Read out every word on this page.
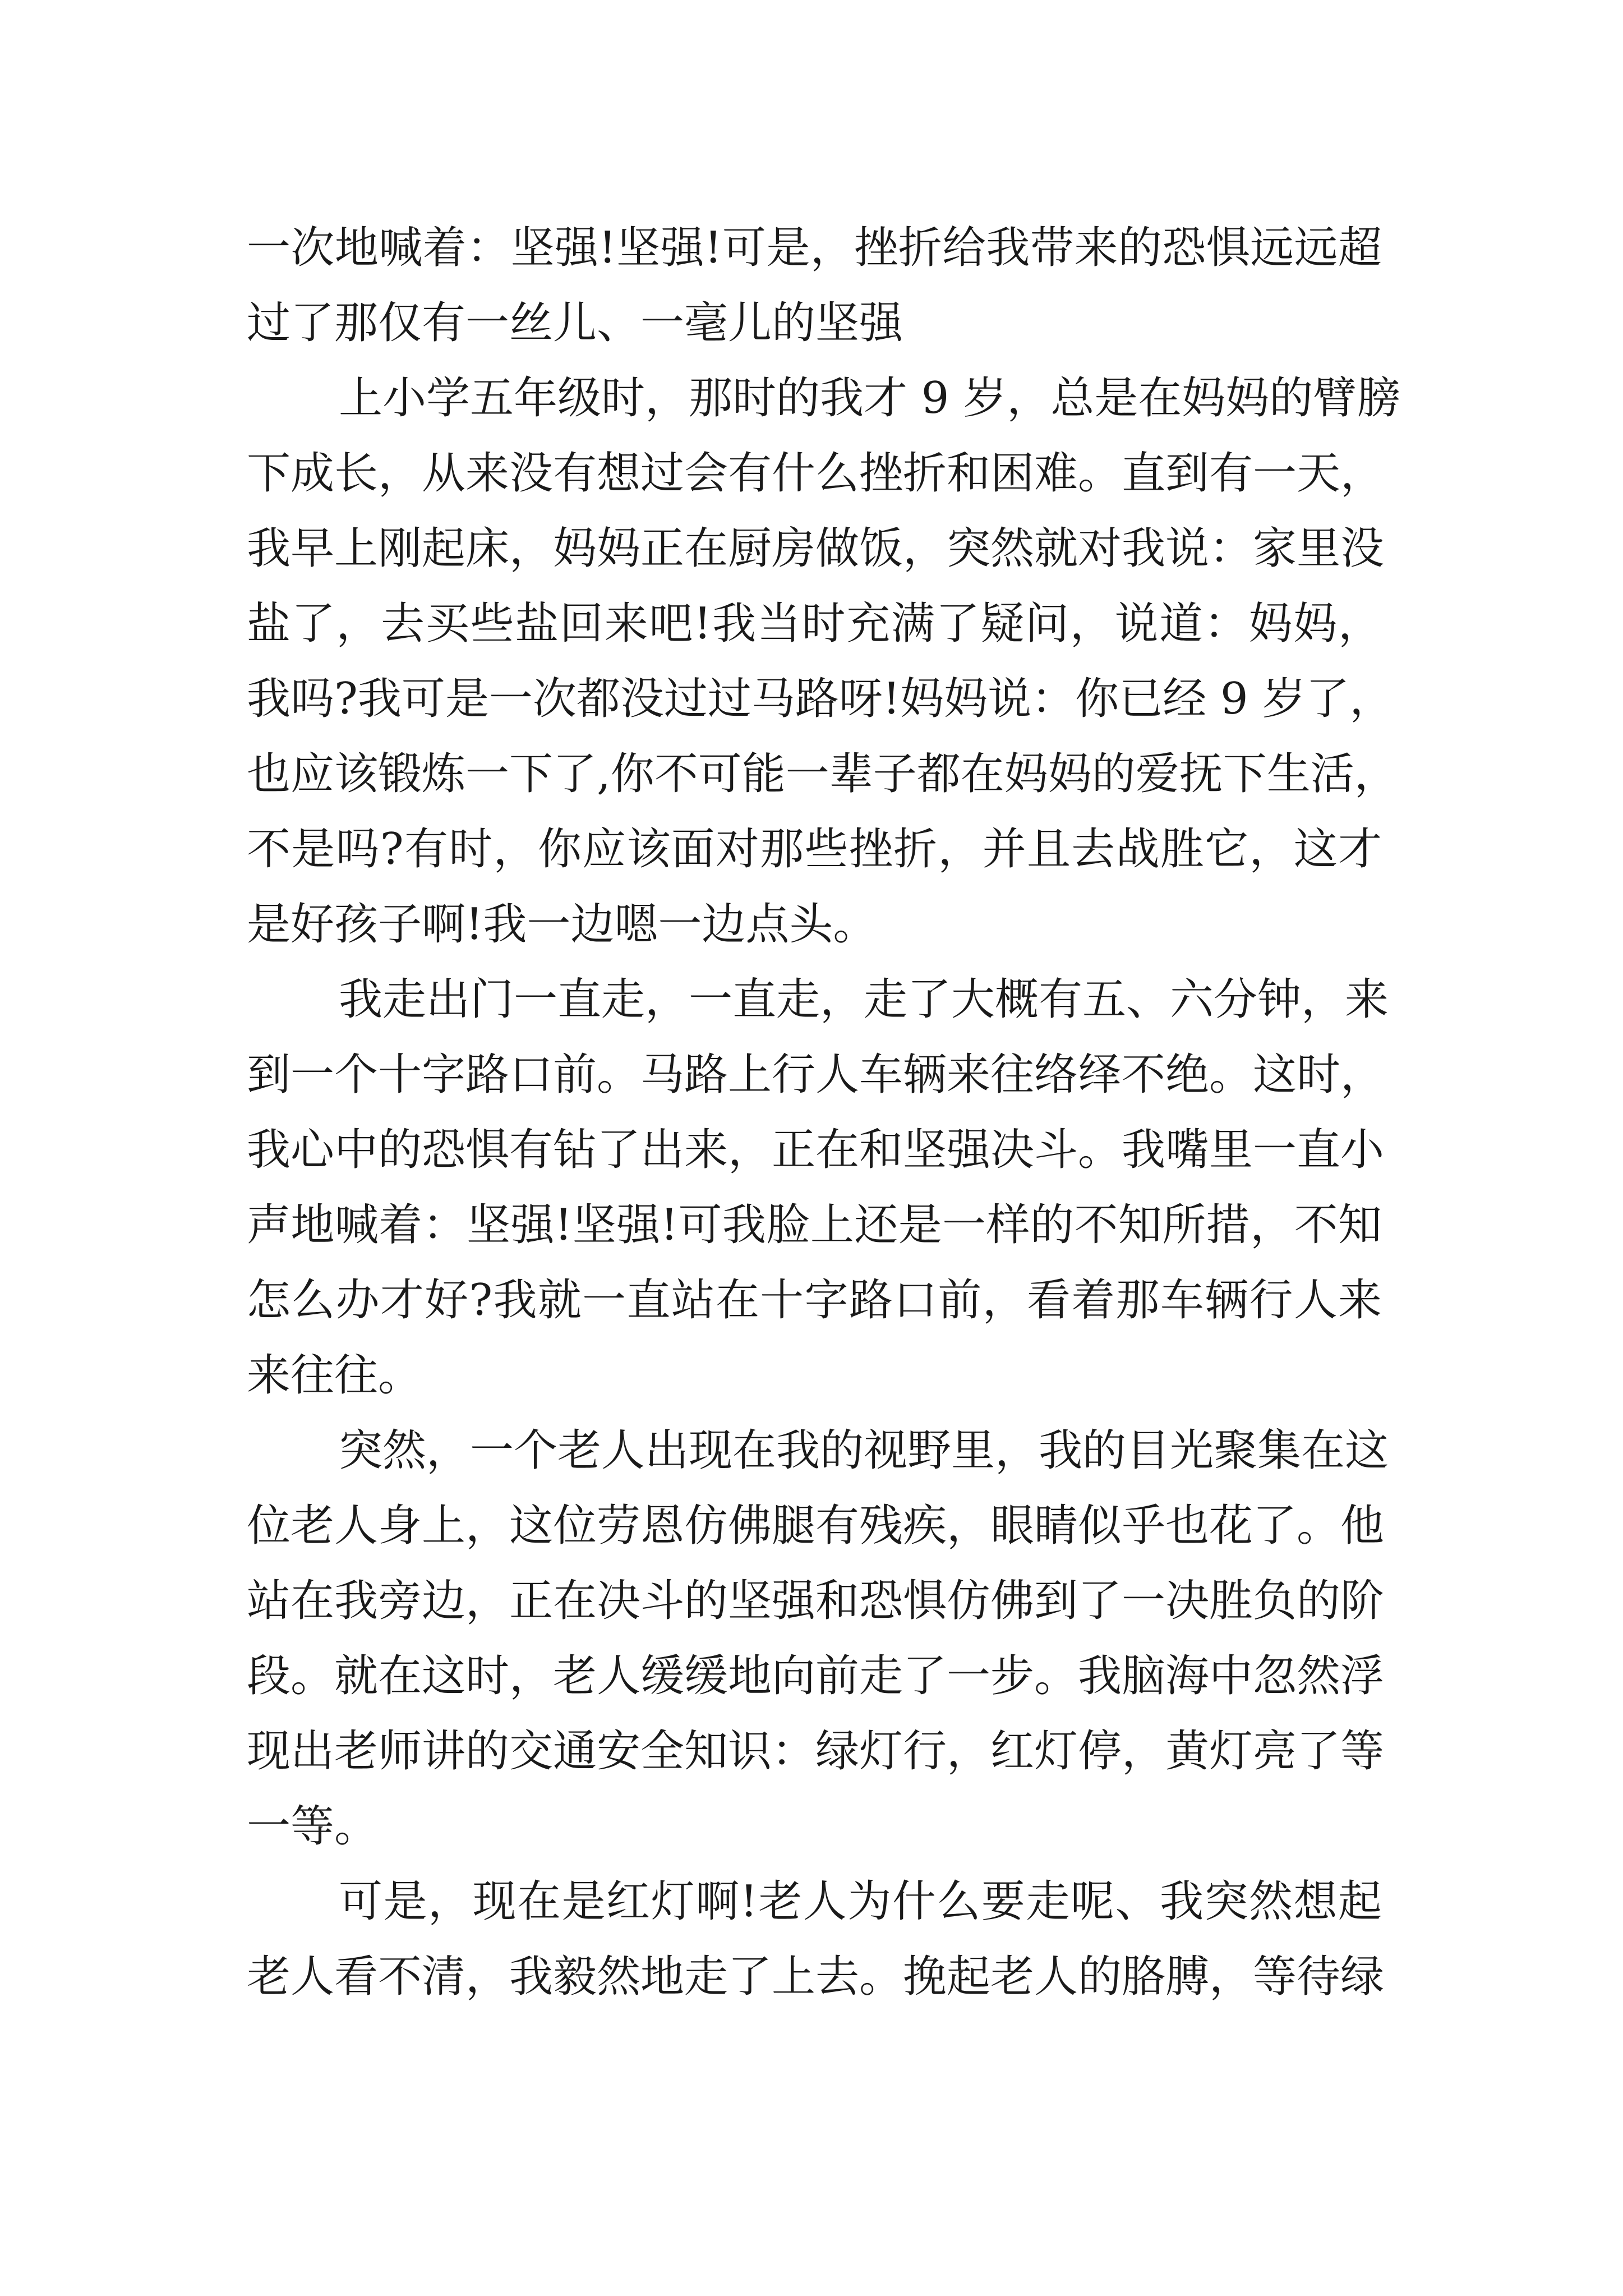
一次地喊着：坚强!坚强!可是，挫折给我带来的恐惧远远超
过了那仅有一丝儿、一毫儿的坚强
上小学五年级时，那时的我才 9 岁，总是在妈妈的臂膀
下成长，从来没有想过会有什么挫折和困难。直到有一天，
我早上刚起床，妈妈正在厨房做饭，突然就对我说：家里没
盐了，去买些盐回来吧!我当时充满了疑问，说道：妈妈，
我吗?我可是一次都没过过马路呀!妈妈说：你已经 9 岁了，
也应该锻炼一下了,你不可能一辈子都在妈妈的爱抚下生活，
不是吗?有时，你应该面对那些挫折，并且去战胜它，这才
是好孩子啊!我一边嗯一边点头。
我走出门一直走，一直走，走了大概有五、六分钟，来
到一个十字路口前。马路上行人车辆来往络绎不绝。这时，
我心中的恐惧有钻了出来，正在和坚强决斗。我嘴里一直小
声地喊着：坚强!坚强!可我脸上还是一样的不知所措，不知
怎么办才好?我就一直站在十字路口前，看着那车辆行人来
来往往。
突然，一个老人出现在我的视野里，我的目光聚集在这
位老人身上，这位劳恩仿佛腿有残疾，眼睛似乎也花了。他
站在我旁边，正在决斗的坚强和恐惧仿佛到了一决胜负的阶
段。就在这时，老人缓缓地向前走了一步。我脑海中忽然浮
现出老师讲的交通安全知识：绿灯行，红灯停，黄灯亮了等
一等。
可是，现在是红灯啊!老人为什么要走呢、我突然想起
老人看不清，我毅然地走了上去。挽起老人的胳膊，等待绿
